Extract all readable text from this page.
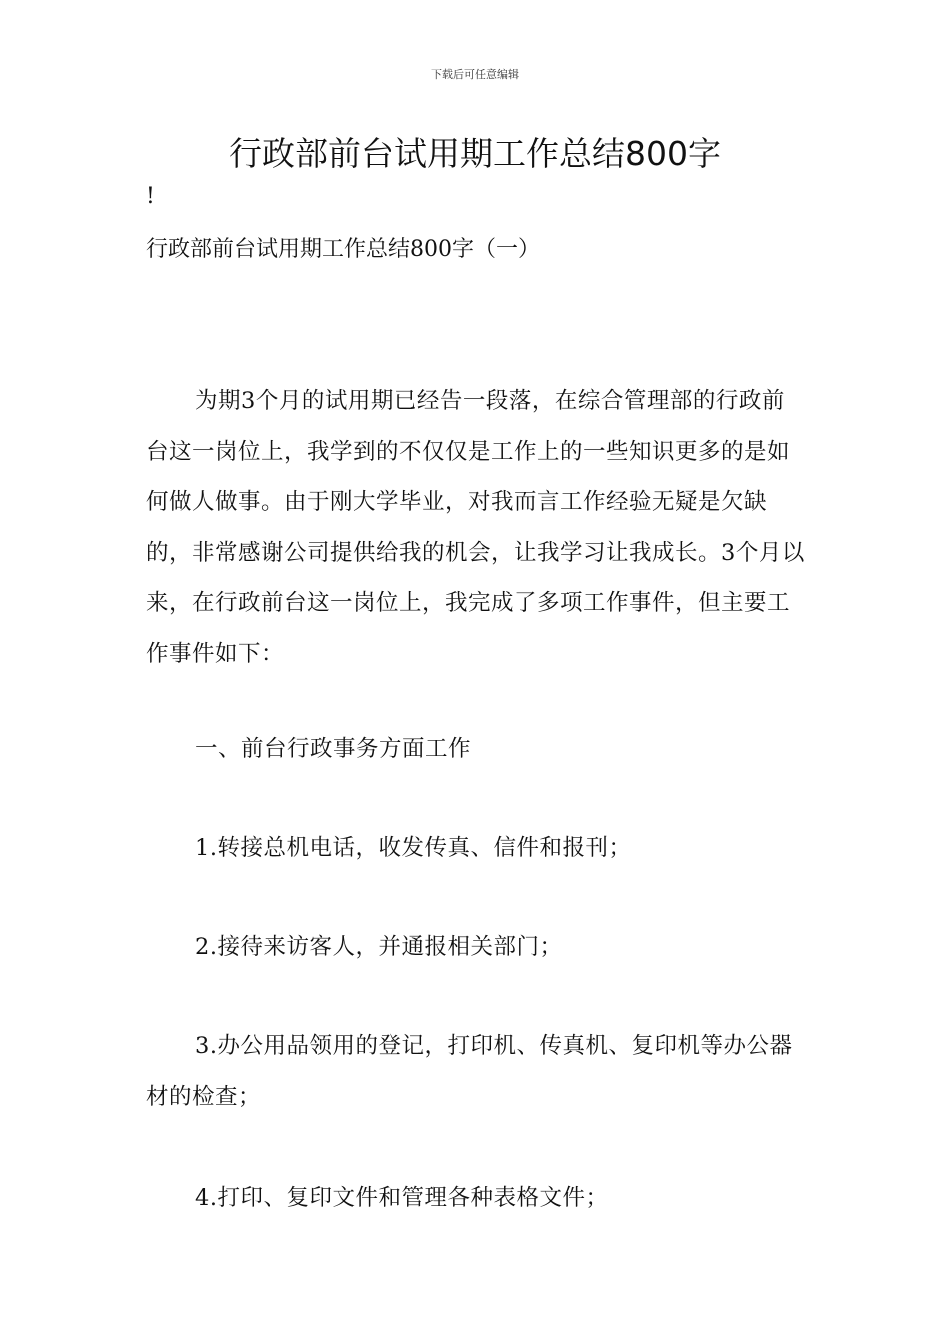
下载后可任意编辑
行政部前台试用期工作总结800字
!
行政部前台试用期工作总结800字（一）

为期3个月的试用期已经告一段落，在综合管理部的行政前台这一岗位上，我学到的不仅仅是工作上的一些知识更多的是如何做人做事。由于刚大学毕业，对我而言工作经验无疑是欠缺的，非常感谢公司提供给我的机会，让我学习让我成长。3个月以来，在行政前台这一岗位上，我完成了多项工作事件，但主要工作事件如下：

一、前台行政事务方面工作
1.转接总机电话，收发传真、信件和报刊；
2.接待来访客人，并通报相关部门；

3.办公用品领用的登记，打印机、传真机、复印机等办公器材的检查；

4.打印、复印文件和管理各种表格文件；
